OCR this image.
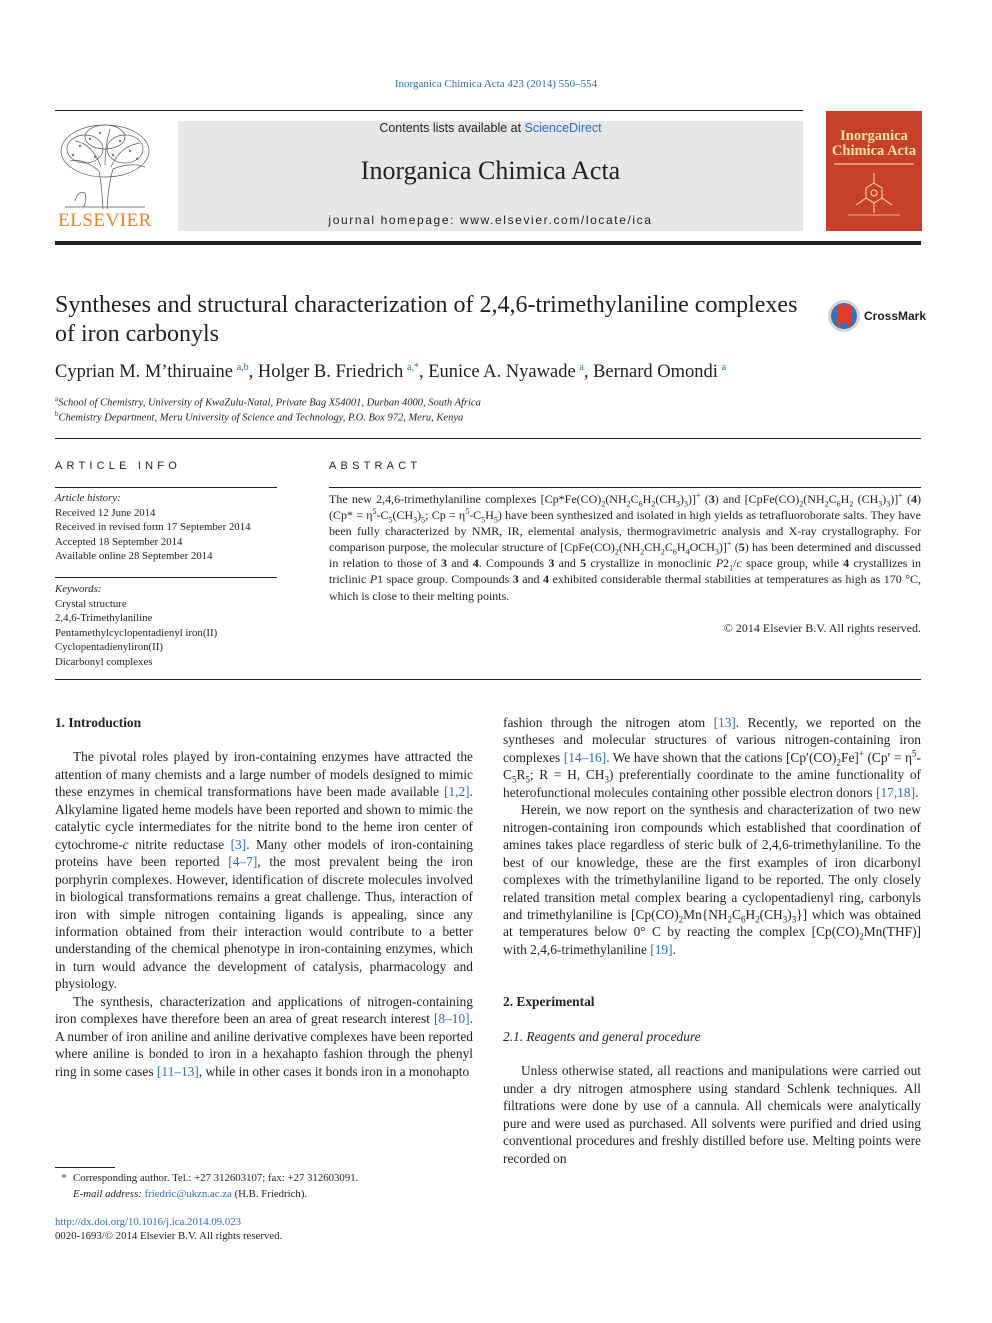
Inorganica Chimica Acta 423 (2014) 550–554
ELSEVIER
Contents lists available at ScienceDirect
Inorganica Chimica Acta
journal homepage: www.elsevier.com/locate/ica
Inorganica
Chimica Acta
Syntheses and structural characterization of 2,4,6-trimethylaniline complexes of iron carbonyls
CrossMark
Cyprian M. M’thiruaine  $^{a,b}$, Holger B. Friedrich  $^{a,*}$, Eunice A. Nyawade  $^a$, Bernard Omondi  $^a$
$^a$School of Chemistry, University of KwaZulu-Natal, Private Bag X54001, Durban 4000, South Africa
$^b$Chemistry Department, Meru University of Science and Technology, P.O. Box 972, Meru, Kenya
ARTICLE INFO
Article history:
Received 12 June 2014
Received in revised form 17 September 2014
Accepted 18 September 2014
Available online 28 September 2014
Keywords:
Crystal structure
2,4,6-Trimethylaniline
Pentamethylcyclopentadienyl iron(II)
Cyclopentadienyliron(II)
Dicarbonyl complexes
ABSTRACT
The new 2,4,6-trimethylaniline complexes $[Cp*Fe(CO)_2(NH_2C_6H_2(CH_3)_3)]^+$ (3) and [$CpFe(CO)_2(NH_2C_6H_2$ $(CH_3)_3)]^+$ (4) ($Cp* = \eta^5-C_5(CH_3)_5$; $Cp = \eta^5-C_5H_5$) have been synthesized and isolated in high yields as tetrafluoroborate salts. They have been fully characterized by NMR, IR, elemental analysis, thermogravimetric analysis and X-ray crystallography. For comparison purpose, the molecular structure of $[CpFe(CO)_2(NH_2CH_2C_6H_4OCH_3)]^+$ (5) has been determined and discussed in relation to those of 3 and 4. Compounds 3 and 5 crystallize in monoclinic $P2_1/c$ space group, while 4 crystallizes in triclinic P1 space group. Compounds 3 and 4 exhibited considerable thermal stabilities at temperatures as high as 170 °C, which is close to their melting points.
© 2014 Elsevier B.V. All rights reserved.
1. Introduction
The pivotal roles played by iron-containing enzymes have attracted the attention of many chemists and a large number of models designed to mimic these enzymes in chemical transformations have been made available [1,2]. Alkylamine ligated heme models have been reported and shown to mimic the catalytic cycle intermediates for the nitrite bond to the heme iron center of cytochrome-c nitrite reductase [3]. Many other models of iron-containing proteins have been reported [4–7], the most prevalent being the iron porphyrin complexes. However, identification of discrete molecules involved in biological transformations remains a great challenge. Thus, interaction of iron with simple nitrogen containing ligands is appealing, since any information obtained from their interaction would contribute to a better understanding of the chemical phenotype in iron-containing enzymes, which in turn would advance the development of catalysis, pharmacology and physiology.
The synthesis, characterization and applications of nitrogen-containing iron complexes have therefore been an area of great research interest [8–10]. A number of iron aniline and aniline derivative complexes have been reported where aniline is bonded to iron in a hexahapto fashion through the phenyl ring in some cases [11–13], while in other cases it bonds iron in a monohapto
* Corresponding author. Tel.: +27 312603107; fax: +27 312603091.
E-mail address: friedric@ukzn.ac.za (H.B. Friedrich).
http://dx.doi.org/10.1016/j.ica.2014.09.023
0020-1693/© 2014 Elsevier B.V. All rights reserved.
fashion through the nitrogen atom [13]. Recently, we reported on the syntheses and molecular structures of various nitrogen-containing iron complexes [14–16]. We have shown that the cations $[Cp'(CO)_2Fe]^+$ ($Cp' = \eta^5-C_5R_5$; R = H, $CH_3$) preferentially coordinate to the amine functionality of heterofunctional molecules containing other possible electron donors [17,18].
Herein, we now report on the synthesis and characterization of two new nitrogen-containing iron compounds which established that coordination of amines takes place regardless of steric bulk of 2,4,6-trimethylaniline. To the best of our knowledge, these are the first examples of iron dicarbonyl complexes with the trimethylaniline ligand to be reported. The only closely related transition metal complex bearing a cyclopentadienyl ring, carbonyls and trimethylaniline is $[Cp(CO)_2Mn\{NH_2C_6H_2(CH_3)_3\}]$ which was obtained at temperatures below 0° C by reacting the complex $[Cp(CO)_2Mn(THF)]$ with 2,4,6-trimethylaniline [19].
2. Experimental
2.1. Reagents and general procedure
Unless otherwise stated, all reactions and manipulations were carried out under a dry nitrogen atmosphere using standard Schlenk techniques. All filtrations were done by use of a cannula. All chemicals were analytically pure and were used as purchased. All solvents were purified and dried using conventional procedures and freshly distilled before use. Melting points were recorded on
